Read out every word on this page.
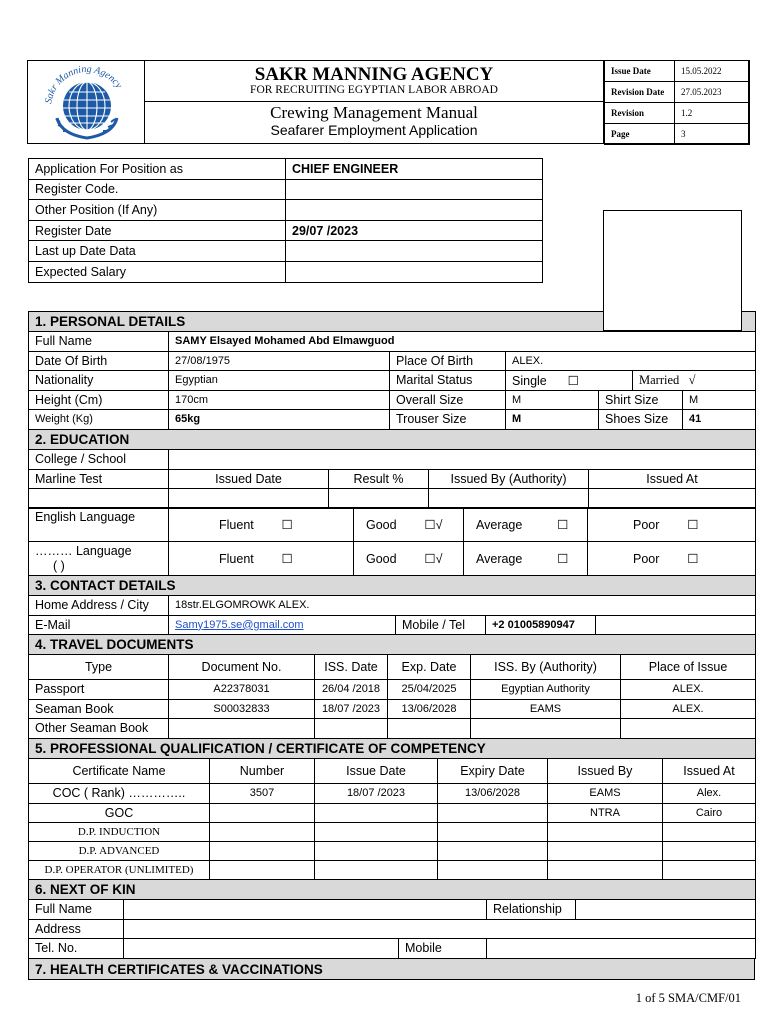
Sakr Manning Agency
SAKR MANNING AGENCY
FOR RECRUITING EGYPTIAN LABOR ABROAD
Crewing Management Manual
Seafarer Employment Application
Issue Date	15.05.2022
Revision Date	27.05.2023
Revision	1.2
Page	3
Application For Position as	CHIEF ENGINEER
Register Code.	
Other Position (If Any)	
Register Date	29/07 /2023
Last up Date Data	
Expected Salary	
1. PERSONAL DETAILS						
Full Name	SAMY Elsayed Mohamed Abd Elmawguod					
Date Of Birth	27/08/1975	Place Of Birth	ALEX.			
Nationality	Egyptian	Marital Status	Single ☐		Married √	
Height (Cm)	170cm	Overall Size	M	Shirt Size		M
Weight (Kg)	65kg	Trouser Size	M	Shoes Size		41
2. EDUCATION				
College / School				
Marline Test	Issued Date	Result %	Issued By (Authority)	Issued At

English Language	Fluent ☐	Good ☐√	Average ☐	Poor ☐

……… Language
( )	Fluent ☐	Good ☐√	Average ☐	Poor ☐
3. CONTACT DETAILS				
Home Address / City	18str.ELGOMROWK ALEX.			
E-Mail	Samy1975.se@gmail.com	Mobile / Tel	+2 01005890947	
4. TRAVEL DOCUMENTS					
Type	Document No.	ISS. Date	Exp. Date	ISS. By (Authority)	Place of Issue
Passport	A22378031	26/04 /2018	25/04/2025	Egyptian Authority	ALEX.
Seaman Book	S00032833	18/07 /2023	13/06/2028	EAMS	ALEX.
Other Seaman Book					
5. PROFESSIONAL QUALIFICATION / CERTIFICATE OF COMPETENCY					
Certificate Name	Number	Issue Date	Expiry Date	Issued By	Issued At
COC ( Rank) …………..	3507	18/07 /2023	13/06/2028	EAMS	Alex.
GOC				NTRA	Cairo
D.P. INDUCTION					
D.P. ADVANCED					
D.P. OPERATOR (UNLIMITED)					
6. NEXT OF KIN				
Full Name			Relationship	
Address				
Tel. No.		Mobile		
7. HEALTH CERTIFICATES & VACCINATIONS
1 of 5 SMA/CMF/01
